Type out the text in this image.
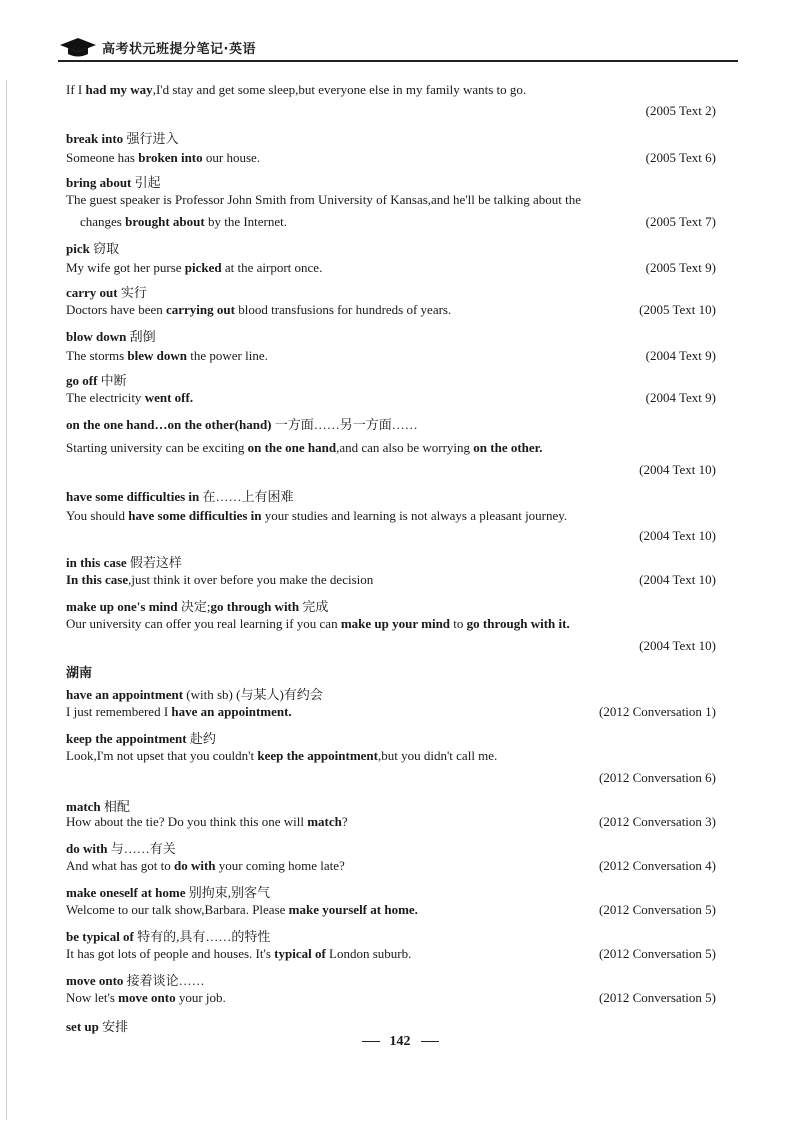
高考状元班提分笔记·英语
If I had my way,I'd stay and get some sleep,but everyone else in my family wants to go.
(2005 Text 2)
break into 强行进入
Someone has broken into our house.	(2005 Text 6)
bring about 引起
The guest speaker is Professor John Smith from University of Kansas,and he'll be talking about the
changes brought about by the Internet.	(2005 Text 7)
pick 窃取
My wife got her purse picked at the airport once.	(2005 Text 9)
carry out 实行
Doctors have been carrying out blood transfusions for hundreds of years.	(2005 Text 10)
blow down 刮倒
The storms blew down the power line.	(2004 Text 9)
go off 中断
The electricity went off.	(2004 Text 9)
on the one hand…on the other(hand) 一方面……另一方面……
Starting university can be exciting on the one hand,and can also be worrying on the other.
(2004 Text 10)
have some difficulties in 在……上有困难
You should have some difficulties in your studies and learning is not always a pleasant journey.
(2004 Text 10)
in this case 假若这样
In this case,just think it over before you make the decision	(2004 Text 10)
make up one's mind 决定;go through with 完成
Our university can offer you real learning if you can make up your mind to go through with it.
(2004 Text 10)
湖南
have an appointment (with sb) (与某人)有约会
I just remembered I have an appointment.	(2012 Conversation 1)
keep the appointment 赴约
Look,I'm not upset that you couldn't keep the appointment,but you didn't call me.
(2012 Conversation 6)
match 相配
How about the tie? Do you think this one will match?	(2012 Conversation 3)
do with 与……有关
And what has got to do with your coming home late?	(2012 Conversation 4)
make oneself at home 别拘束,别客气
Welcome to our talk show,Barbara. Please make yourself at home.	(2012 Conversation 5)
be typical of 特有的,具有……的特性
It has got lots of people and houses. It's typical of London suburb.	(2012 Conversation 5)
move onto 接着谈论……
Now let's move onto your job.	(2012 Conversation 5)
set up 安排
142
